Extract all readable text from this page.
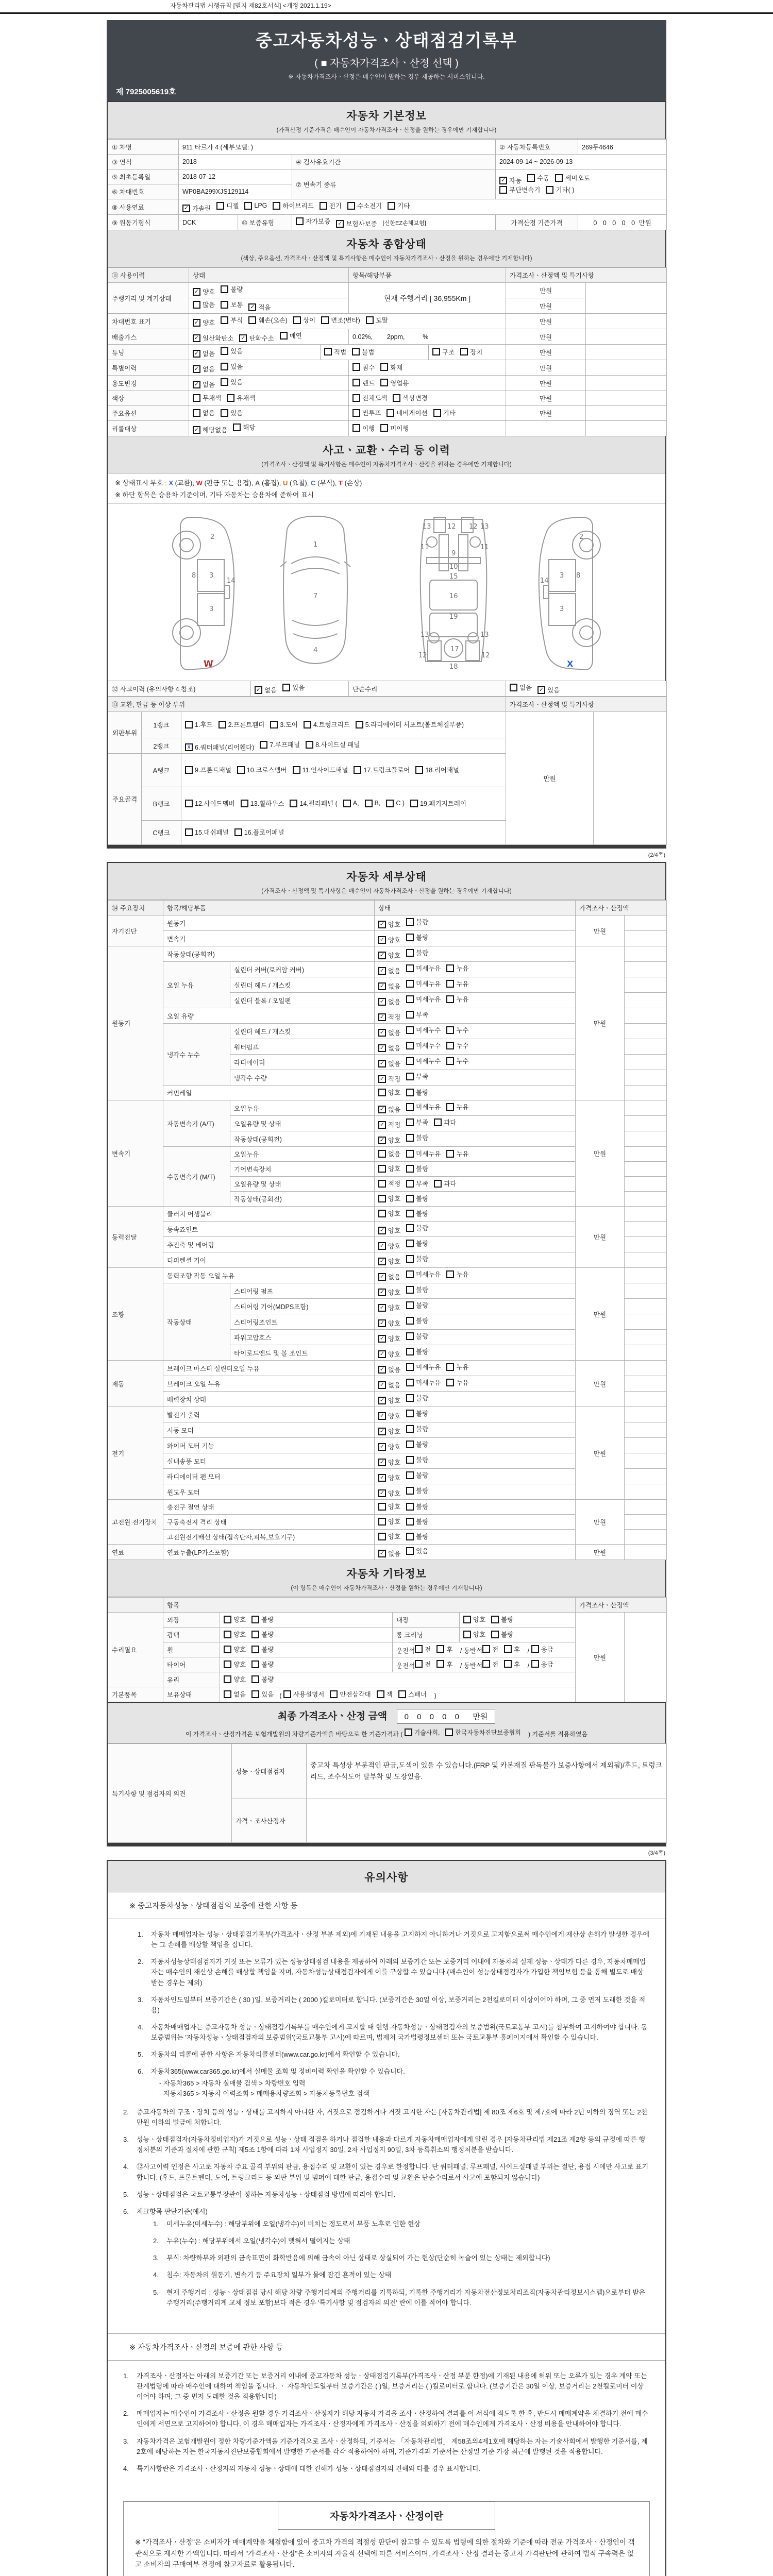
자동차관리법 시행규칙 [별지 제82호서식] <개정 2021.1.19>
중고자동차성능ㆍ상태점검기록부
( ■ 자동차가격조사ㆍ산정 선택 )
※ 자동차가격조사ㆍ산정은 매수인이 원하는 경우 제공하는 서비스입니다.
제 7925005619호
자동차 기본정보
(가격산정 기준가격은 매수인이 자동차가격조사ㆍ산정을 원하는 경우에만 기재합니다)
① 차명	911 타르가 4 (세부모델: )			② 자동차등록번호	269두4646
③ 연식	2018		④ 검사유효기간	2024-09-14 ~ 2026-09-13	
⑤ 최초등록일	2018-07-12	⑦ 변속기 종류	
✓ 자동 수동 세미오토
무단변속기 기타( )

⑥ 차대번호	WP0BA299XJS129114				
⑧ 사용연료	✓ 가솔린 디젤 LPG 하이브리드 전기 수소전기 기타

⑨ 원동기형식	DCK	⑩ 보증유형	자가보증 ✓ 보험사보증 [신한EZ손해보험]	가격산정 기준가격	0 0 0 0 0 만원
자동차 종합상태
(색상, 주요옵션, 가격조사ㆍ산정액 및 특기사항은 매수인이 자동차가격조사ㆍ산정을 원하는 경우에만 기재합니다)
⑪ 사용이력	상태		항목/해당부품		가격조사ㆍ산정액 및 특기사항	
주행거리 및 계기상태	✓ 양호 불량		현재 주행거리 [ 36,955Km ]		만원	

	많음 보통 ✓ 적음				만원	
차대번호 표기	✓ 양호 부식 훼손(오손) 상이 변조(변타) 도말	만원	
배출가스	✓ 일산화탄소 ✓ 탄화수소 매연		0.02%,        2ppm,          %		만원	
튜닝	✓ 없음 있음	적법 불법		구조 장치	만원	
특별이력	✓ 없음 있음		침수 화재		만원	
용도변경	✓ 없음 있음		렌트 영업용		만원	
색상	무채색 유채색		전체도색 색상변경		만원	
주요옵션	없음 있음		썬루프 네비게이션 기타		만원	
리콜대상	✓ 해당없음 해당		이행 미이행			

사고ㆍ교환ㆍ수리 등 이력
(가격조사ㆍ산정액 및 특기사항은 매수인이 자동차가격조사ㆍ산정을 원하는 경우에만 기재합니다)
※ 상태표시 부호 : X (교환), W (판금 또는 용접), A (흠집), U (요철), C (부식), T (손상)
※ 하단 항목은 승용차 기준이며, 기타 자동차는 승용차에 준하여 표시
2
8 3
3
14
1
7
4
13 12 12 13
11
9
11
10
15
16
19
13	13
17
12	12
18
2
8
3
3
14
W	X
⑫ 사고이력 (유의사항 4.참조)	✓ 없음 있음	단순수리	없음 ✓ 있음
⑬ 교환, 판금 등 이상 부위			가격조사ㆍ산정액 및 특기사항	
외판부위	1랭크	1.후드 2.프론트휀더 3.도어 4.트렁크리드 5.라디에이터 서포트(볼트체결부품)	만원	
	2랭크	X 6.쿼터패널(리어휀다) 7.루프패널 8.사이드실 패널		

주요골격	A랭크	9.프론트패널 10.크로스멤버 11.인사이드패널 17.트렁크플로어 18.리어패널		

B랭크	12.사이드멤버 13.휠하우스 14.필러패널 ( A, B, C ) 19.패키지트레이

	C랭크	15.대쉬패널 16.플로어패널		
(2/4쪽)
자동차 세부상태
(가격조사ㆍ산정액 및 특기사항은 매수인이 자동차가격조사ㆍ산정을 원하는 경우에만 기재합니다)
⑭ 주요장치	항목/해당부품		상태	가격조사ㆍ산정액	
자기진단	원동기		✓ 양호 불량	만원	
	변속기		✓ 양호 불량		

원동기	작동상태(공회전)		✓ 양호 불량	만원	
	오일 누유	실린더 커버(로커암 커버)	✓ 없음 미세누유 누유		

		실린더 헤드 / 개스킷	✓ 없음 미세누유 누유		

		실린더 블록 / 오일팬	✓ 없음 미세누유 누유		

	오일 유량		✓ 적정 부족		

	냉각수 누수	실린더 헤드 / 개스킷	✓ 없음 미세누수 누수		

		워터펌프	✓ 없음 미세누수 누수		

		라디에이터	✓ 없음 미세누수 누수		

		냉각수 수량	✓ 적정 부족		

	커먼레일		양호 불량		

변속기	자동변속기 (A/T)	오일누유	✓ 없음 미세누유 누유	만원	
		오일유량 및 상태	✓ 적정 부족 과다		

		작동상태(공회전)	✓ 양호 불량		

	수동변속기 (M/T)	오일누유	없음 미세누유 누유		

		기어변속장치	양호 불량		

		오일유량 및 상태	적정 부족 과다		

		작동상태(공회전)	양호 불량		

동력전달	클러치 어셈블리		양호 불량	만원	
	등속죠인트		✓ 양호 불량		

	추진축 및 베어링		✓ 양호 불량		

	디퍼렌셜 기어		✓ 양호 불량		

조향	동력조향 작동 오일 누유		✓ 없음 미세누유 누유	만원	
	작동상태	스티어링 펌프	✓ 양호 불량		

		스티어링 기어(MDPS포함)	✓ 양호 불량		

		스티어링조인트	✓ 양호 불량		

		파워고압호스	✓ 양호 불량		

		타이로드엔드 및 볼 조인트	✓ 양호 불량		

제동	브레이크 마스터 실린더오일 누유		✓ 없음 미세누유 누유	만원	
	브레이크 오일 누유		✓ 없음 미세누유 누유		

	배력장치 상태		✓ 양호 불량		

전기	발전기 출력		✓ 양호 불량	만원	
	시동 모터		✓ 양호 불량		

	와이퍼 모터 기능		✓ 양호 불량		

	실내송풍 모터		✓ 양호 불량		

	라디에이터 팬 모터		✓ 양호 불량		

	윈도우 모터		✓ 양호 불량		

고전원 전기장치	충전구 절연 상태		양호 불량	만원	
	구동축전지 격리 상태		양호 불량		

	고전원전기배선 상태(접속단자,피복,보호기구)		양호 불량		

연료	연료누출(LP가스포함)		✓ 없음 있음	만원	
자동차 기타정보
(이 항목은 매수인이 자동차가격조사ㆍ산정을 원하는 경우에만 기재합니다)
	항목				가격조사ㆍ산정액	
수리필요	외장	양호 불량	내장	양호 불량	만원	
	광택	양호 불량	룸 크리닝	양호 불량		

휠	양호 불량	운전석 전 후 / 동반석 전 후 / 응급

타이어	양호 불량	운전석 전 후 / 동반석 전 후 / 응급

	유리	양호 불량				

기본품목	보유상태	없음 있음 ( 사용설명서 안전삼각대 잭 스패너 )
최종 가격조사ㆍ산정 금액 0 0 0 0 0 만원
이 가격조사ㆍ산정가격은 보험개발원의 차량기준가액을 바탕으로 한 기준가격과 ( 기술사회,	한국자동차진단보증협회 ) 기준서를 적용하였음
특기사항 및 점검자의 의견	성능ㆍ상태점검자	중고차 특성상 부분적인 판금,도색이 있을 수 있습니다.(FRP 및 카본재질 판독불가 보증사항에서 제외됨)/후드, 트렁크리드, 조수석도어 탈부착 및 도장있음.
	가격ㆍ조사산정자	
(3/4쪽)
유의사항
※ 중고자동차성능ㆍ상태점검의 보증에 관한 사항 등
1.	자동차 매매업자는 성능ㆍ상태점검기록부(가격조사ㆍ산정 부분 제외)에 기재된 내용을 고지하지 아니하거나 거짓으로 고지함으로써 매수인에게 재산상 손해가 발생한 경우에는 그 손해를 배상할 책임을 집니다.
2.	자동차성능상태점검자가 거짓 또는 오류가 있는 성능상태점검 내용을 제공하여 아래의 보증기간 또는 보증거리 이내에 자동차의 실제 성능ㆍ상태가 다른 경우, 자동차매매업자는 매수인의 재산상 손해를 배상할 책임을 지며, 자동차성능상태점검자에게 이를 구상할 수 있습니다.(매수인이 성능상태점검자가 가입한 책임보험 등을 통해 별도로 배상받는 경우는 제외)
3.	자동차인도일부터 보증기간은 ( 30 )일, 보증거리는 ( 2000 )킬로미터로 합니다. (보증기간은 30일 이상, 보증거리는 2천킬로미터 이상이어야 하며, 그 중 먼저 도래한 것을 적용)
4.	자동차매매업자는 중고자동차 성능ㆍ상태점검기록부를 매수인에게 고지할 때 현행 자동차성능ㆍ상태점검자의 보증범위(국토교통부 고시)를 첨부하여 고지하여야 합니다. 동 보증범위는 '자동차성능ㆍ상태점검자의 보증범위'(국토교통부 고시)에 따르며, 법제처 국가법령정보센터 또는 국토교통부 홈페이지에서 확인할 수 있습니다.
5.	자동차의 리콜에 관한 사항은 자동차리콜센터(www.car.go.kr)에서 확인할 수 있습니다.
6.	자동차365(www.car365.go.kr)에서 실매물 조회 및 정비이력 확인을 확인할 수 있습니다.
- 자동차365 > 자동차 실매물 검색 > 차량번호 입력
- 자동차365 > 자동차 이력조회 > 매매용차량조회 > 자동차등록번호 검색
2.	중고자동차의 구조ㆍ장치 등의 성능ㆍ상태를 고지하지 아니한 자, 거짓으로 점검하거나 거짓 고지한 자는 [자동차관리법] 제 80조 제6호 및 제7호에 따라 2년 이하의 징역 또는 2천만원 이하의 벌금에 처합니다.
3.	성능ㆍ상태점검자(자동차정비업자)가 거짓으로 성능ㆍ상태 점검을 하거나 점검한 내용과 다르게 자동차매매업자에게 알린 경우 [자동차관리법 제21조 제2항 등의 규정에 따른 행정처분의 기준과 절차에 관한 규칙] 제5조 1항에 따라 1차 사업정지 30일, 2차 사업정지 90일, 3차 등록취소의 행정처분을 받습니다.
4.	⑫사고이력 인정은 사고로 자동차 주요 골격 부위의 판금, 용접수리 및 교환이 있는 경우로 한정합니다. 단 쿼터패널, 루프패널, 사이드실패널 부위는 절단, 용접 시에만 사고로 표기합니다. (후드, 프론트펜더, 도어, 트렁크리드 등 외판 부위 및 범퍼에 대한 판금, 용접수리 및 교환은 단순수리로서 사고에 포함되지 않습니다)
5.	성능ㆍ상태점검은 국토교통부장관이 정하는 자동차성능ㆍ상태점검 방법에 따라야 합니다.
6.	체크항목 판단기준(예시)
1.	미세누유(미세누수) : 해당부위에 오일(냉각수)이 비치는 정도로서 부품 노후로 인한 현상
2.	누유(누수) : 해당부위에서 오일(냉각수)이 맺혀서 떨어지는 상태
3.	부식: 차량하부와 외판의 금속표면이 화학반응에 의해 금속이 아닌 상태로 상실되어 가는 현상(단순히 녹슬어 있는 상태는 제외합니다)
4.	침수: 자동차의 원동기, 변속기 등 주요장치 일부가 물에 잠긴 흔적이 있는 상태
5.	현재 주행거리 : 성능ㆍ상태점검 당시 해당 차량 주행거리계의 주행거리를 기록하되, 기록한 주행거리가 자동차전산정보처리조직(자동차관리정보시스템)으로부터 받은 주행거리(주행거리계 교체 정보 포함)보다 적은 경우 '특기사항 및 점검자의 의견' 란에 이를 적어야 합니다.
※ 자동차가격조사ㆍ산정의 보증에 관한 사항 등
1.	가격조사ㆍ산정자는 아래의 보증기간 또는 보증거리 이내에 중고자동차 성능ㆍ상태점검기록부(가격조사ㆍ산정 부분 한정)에 기재된 내용에 허위 또는 오류가 있는 경우 계약 또는 관계법령에 따라 매수인에 대하여 책임을 집니다. ㆍ 자동차인도일부터 보증기간은 ( )일, 보증거리는 ( )킬로미터로 합니다. (보증기간은 30일 이상, 보증거리는 2천킬로미터 이상이어야 하며, 그 중 먼저 도래한 것을 적용합니다)
2.	매매업자는 매수인이 가격조사ㆍ산정을 원할 경우 가격조사ㆍ산정자가 해당 자동차 가격을 조사ㆍ산정하여 결과를 이 서식에 적도록 한 후, 반드시 매매계약을 체결하기 전에 매수인에게 서면으로 고지하여야 합니다. 이 경우 매매업자는 가격조사ㆍ산정자에게 가격조사ㆍ산정을 의뢰하기 전에 매수인에게 가격조사ㆍ산정 비용을 안내하여야 합니다.
3.	자동차가격은 보험개발원이 정한 차량기준가액을 기준가격으로 조사ㆍ산정하되, 기준서는 「자동차관리법」 제58조의4제1호에 해당하는 자는 기술사회에서 발행한 기준서를, 제2호에 해당하는 자는 한국자동차진단보증협회에서 발행한 기준서를 각각 적용하여야 하며, 기준가격과 기준서는 산정일 기준 가장 최근에 발행된 것을 적용합니다.
4.	특기사항란은 가격조사ㆍ산정자의 자동차 성능ㆍ상태에 대한 견해가 성능ㆍ상태점검자의 견해와 다를 경우 표시합니다.
자동차가격조사ㆍ산정이란
※ "가격조사ㆍ산정"은 소비자가 매매계약을 체결함에 있어 중고차 가격의 적절성 판단에 참고할 수 있도록 법령에 의한 절차와 기준에 따라 전문 가격조사ㆍ산정인이 객관적으로 제시한 가액입니다. 따라서 "가격조사ㆍ산정"은 소비자의 자율적 선택에 따른 서비스이며, 가격조사ㆍ산정 결과는 중고차 가격판단에 관하여 법적 구속력은 없고 소비자의 구매여부 결정에 참고자료로 활용됩니다.
